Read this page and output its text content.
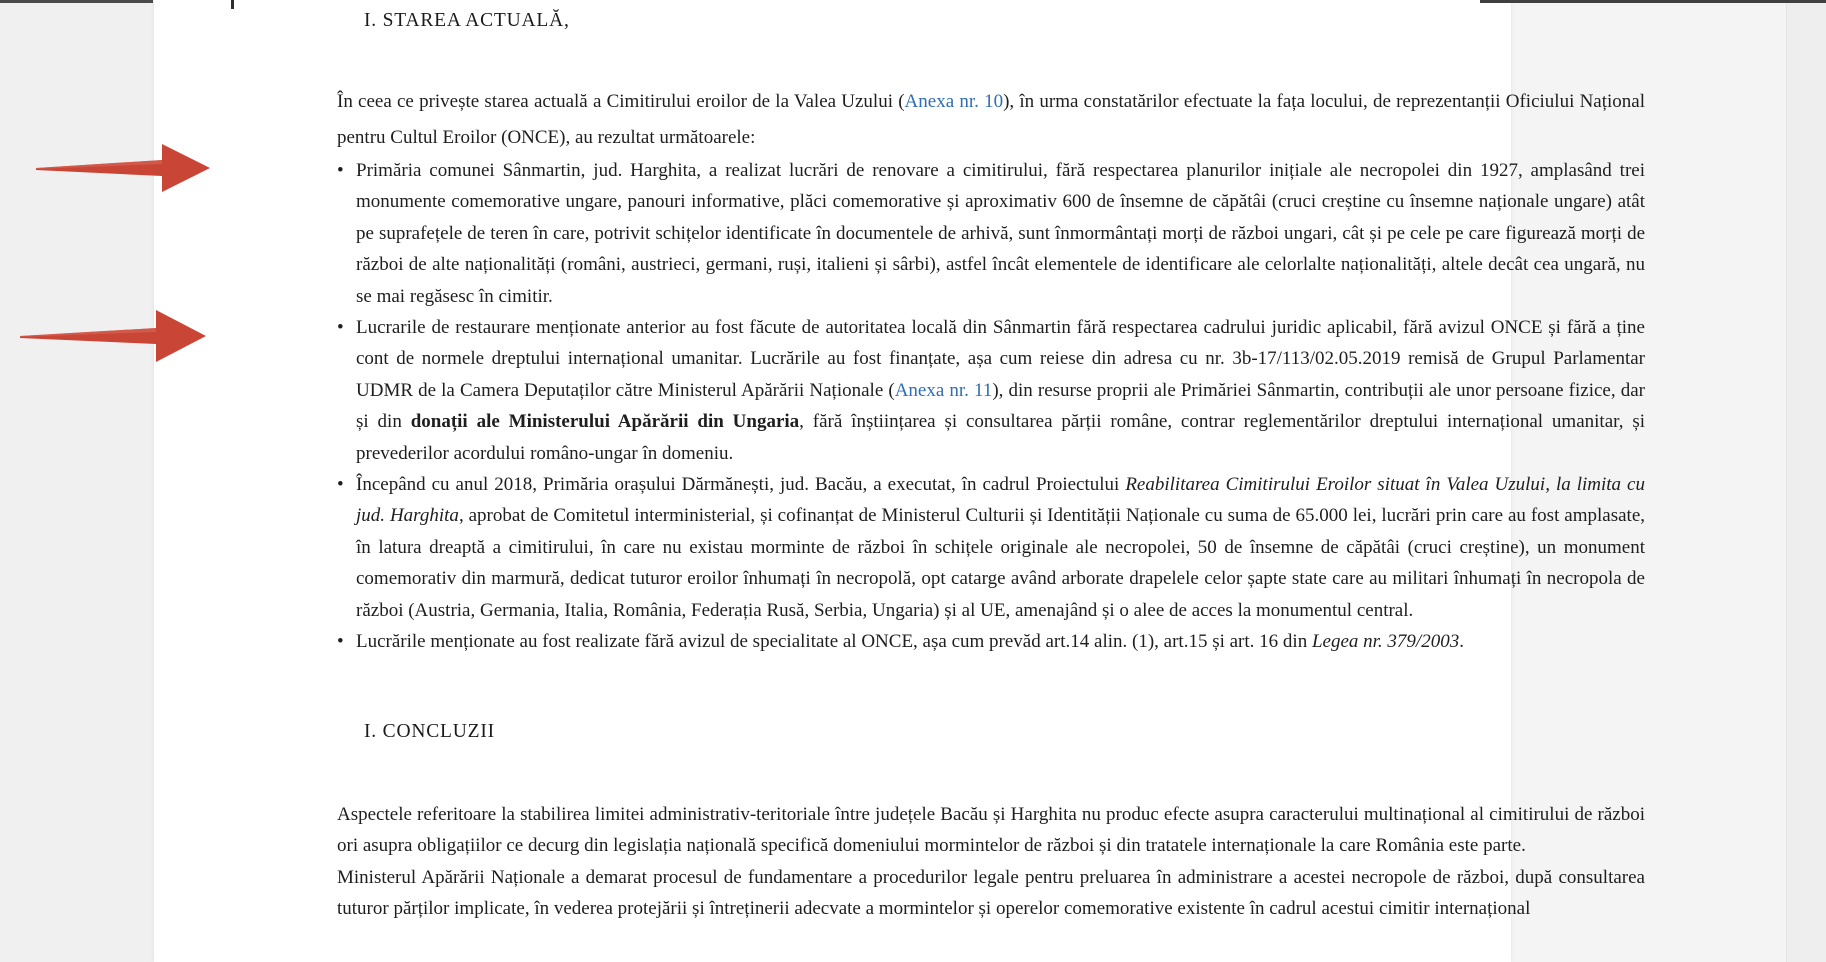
I. STAREA ACTUALĂ,
În ceea ce privește starea actuală a Cimitirului eroilor de la Valea Uzului (Anexa nr. 10), în urma constatărilor efectuate la fața locului, de reprezentanții Oficiului Național pentru Cultul Eroilor (ONCE), au rezultat următoarele:
• Primăria comunei Sânmartin, jud. Harghita, a realizat lucrări de renovare a cimitirului, fără respectarea planurilor inițiale ale necropolei din 1927, amplasând trei monumente comemorative ungare, panouri informative, plăci comemorative și aproximativ 600 de însemne de căpătâi (cruci creștine cu însemne naționale ungare) atât pe suprafețele de teren în care, potrivit schițelor identificate în documentele de arhivă, sunt înmormântați morți de război ungari, cât și pe cele pe care figurează morți de război de alte naționalități (români, austrieci, germani, ruși, italieni și sârbi), astfel încât elementele de identificare ale celorlalte naționalități, altele decât cea ungară, nu se mai regăsesc în cimitir.
• Lucrarile de restaurare menționate anterior au fost făcute de autoritatea locală din Sânmartin fără respectarea cadrului juridic aplicabil, fără avizul ONCE și fără a ține cont de normele dreptului internațional umanitar. Lucrările au fost finanțate, așa cum reiese din adresa cu nr. 3b-17/113/02.05.2019 remisă de Grupul Parlamentar UDMR de la Camera Deputaților către Ministerul Apărării Naționale (Anexa nr. 11), din resurse proprii ale Primăriei Sânmartin, contribuții ale unor persoane fizice, dar și din donații ale Ministerului Apărării din Ungaria, fără înștiințarea și consultarea părții române, contrar reglementărilor dreptului internațional umanitar, și prevederilor acordului româno-ungar în domeniu.
• Începând cu anul 2018, Primăria orașului Dărmănești, jud. Bacău, a executat, în cadrul Proiectului Reabilitarea Cimitirului Eroilor situat în Valea Uzului, la limita cu jud. Harghita, aprobat de Comitetul interministerial, și cofinanțat de Ministerul Culturii și Identității Naționale cu suma de 65.000 lei, lucrări prin care au fost amplasate, în latura dreaptă a cimitirului, în care nu existau morminte de război în schițele originale ale necropolei, 50 de însemne de căpătâi (cruci creștine), un monument comemorativ din marmură, dedicat tuturor eroilor înhumați în necropolă, opt catarge având arborate drapelele celor șapte state care au militari înhumați în necropola de război (Austria, Germania, Italia, România, Federația Rusă, Serbia, Ungaria) și al UE, amenajând și o alee de acces la monumentul central.
• Lucrările menționate au fost realizate fără avizul de specialitate al ONCE, așa cum prevăd art.14 alin. (1), art.15 și art. 16 din Legea nr. 379/2003.
I. CONCLUZII

Aspectele referitoare la stabilirea limitei administrativ-teritoriale între județele Bacău și Harghita nu produc efecte asupra caracterului multinațional al cimitirului de război ori asupra obligațiilor ce decurg din legislația națională specifică domeniului mormintelor de război și din tratatele internaționale la care România este parte.

Ministerul Apărării Naționale a demarat procesul de fundamentare a procedurilor legale pentru preluarea în administrare a acestei necropole de război, după consultarea tuturor părților implicate, în vederea protejării și întreținerii adecvate a mormintelor și operelor comemorative existente în cadrul acestui cimitir internațional
